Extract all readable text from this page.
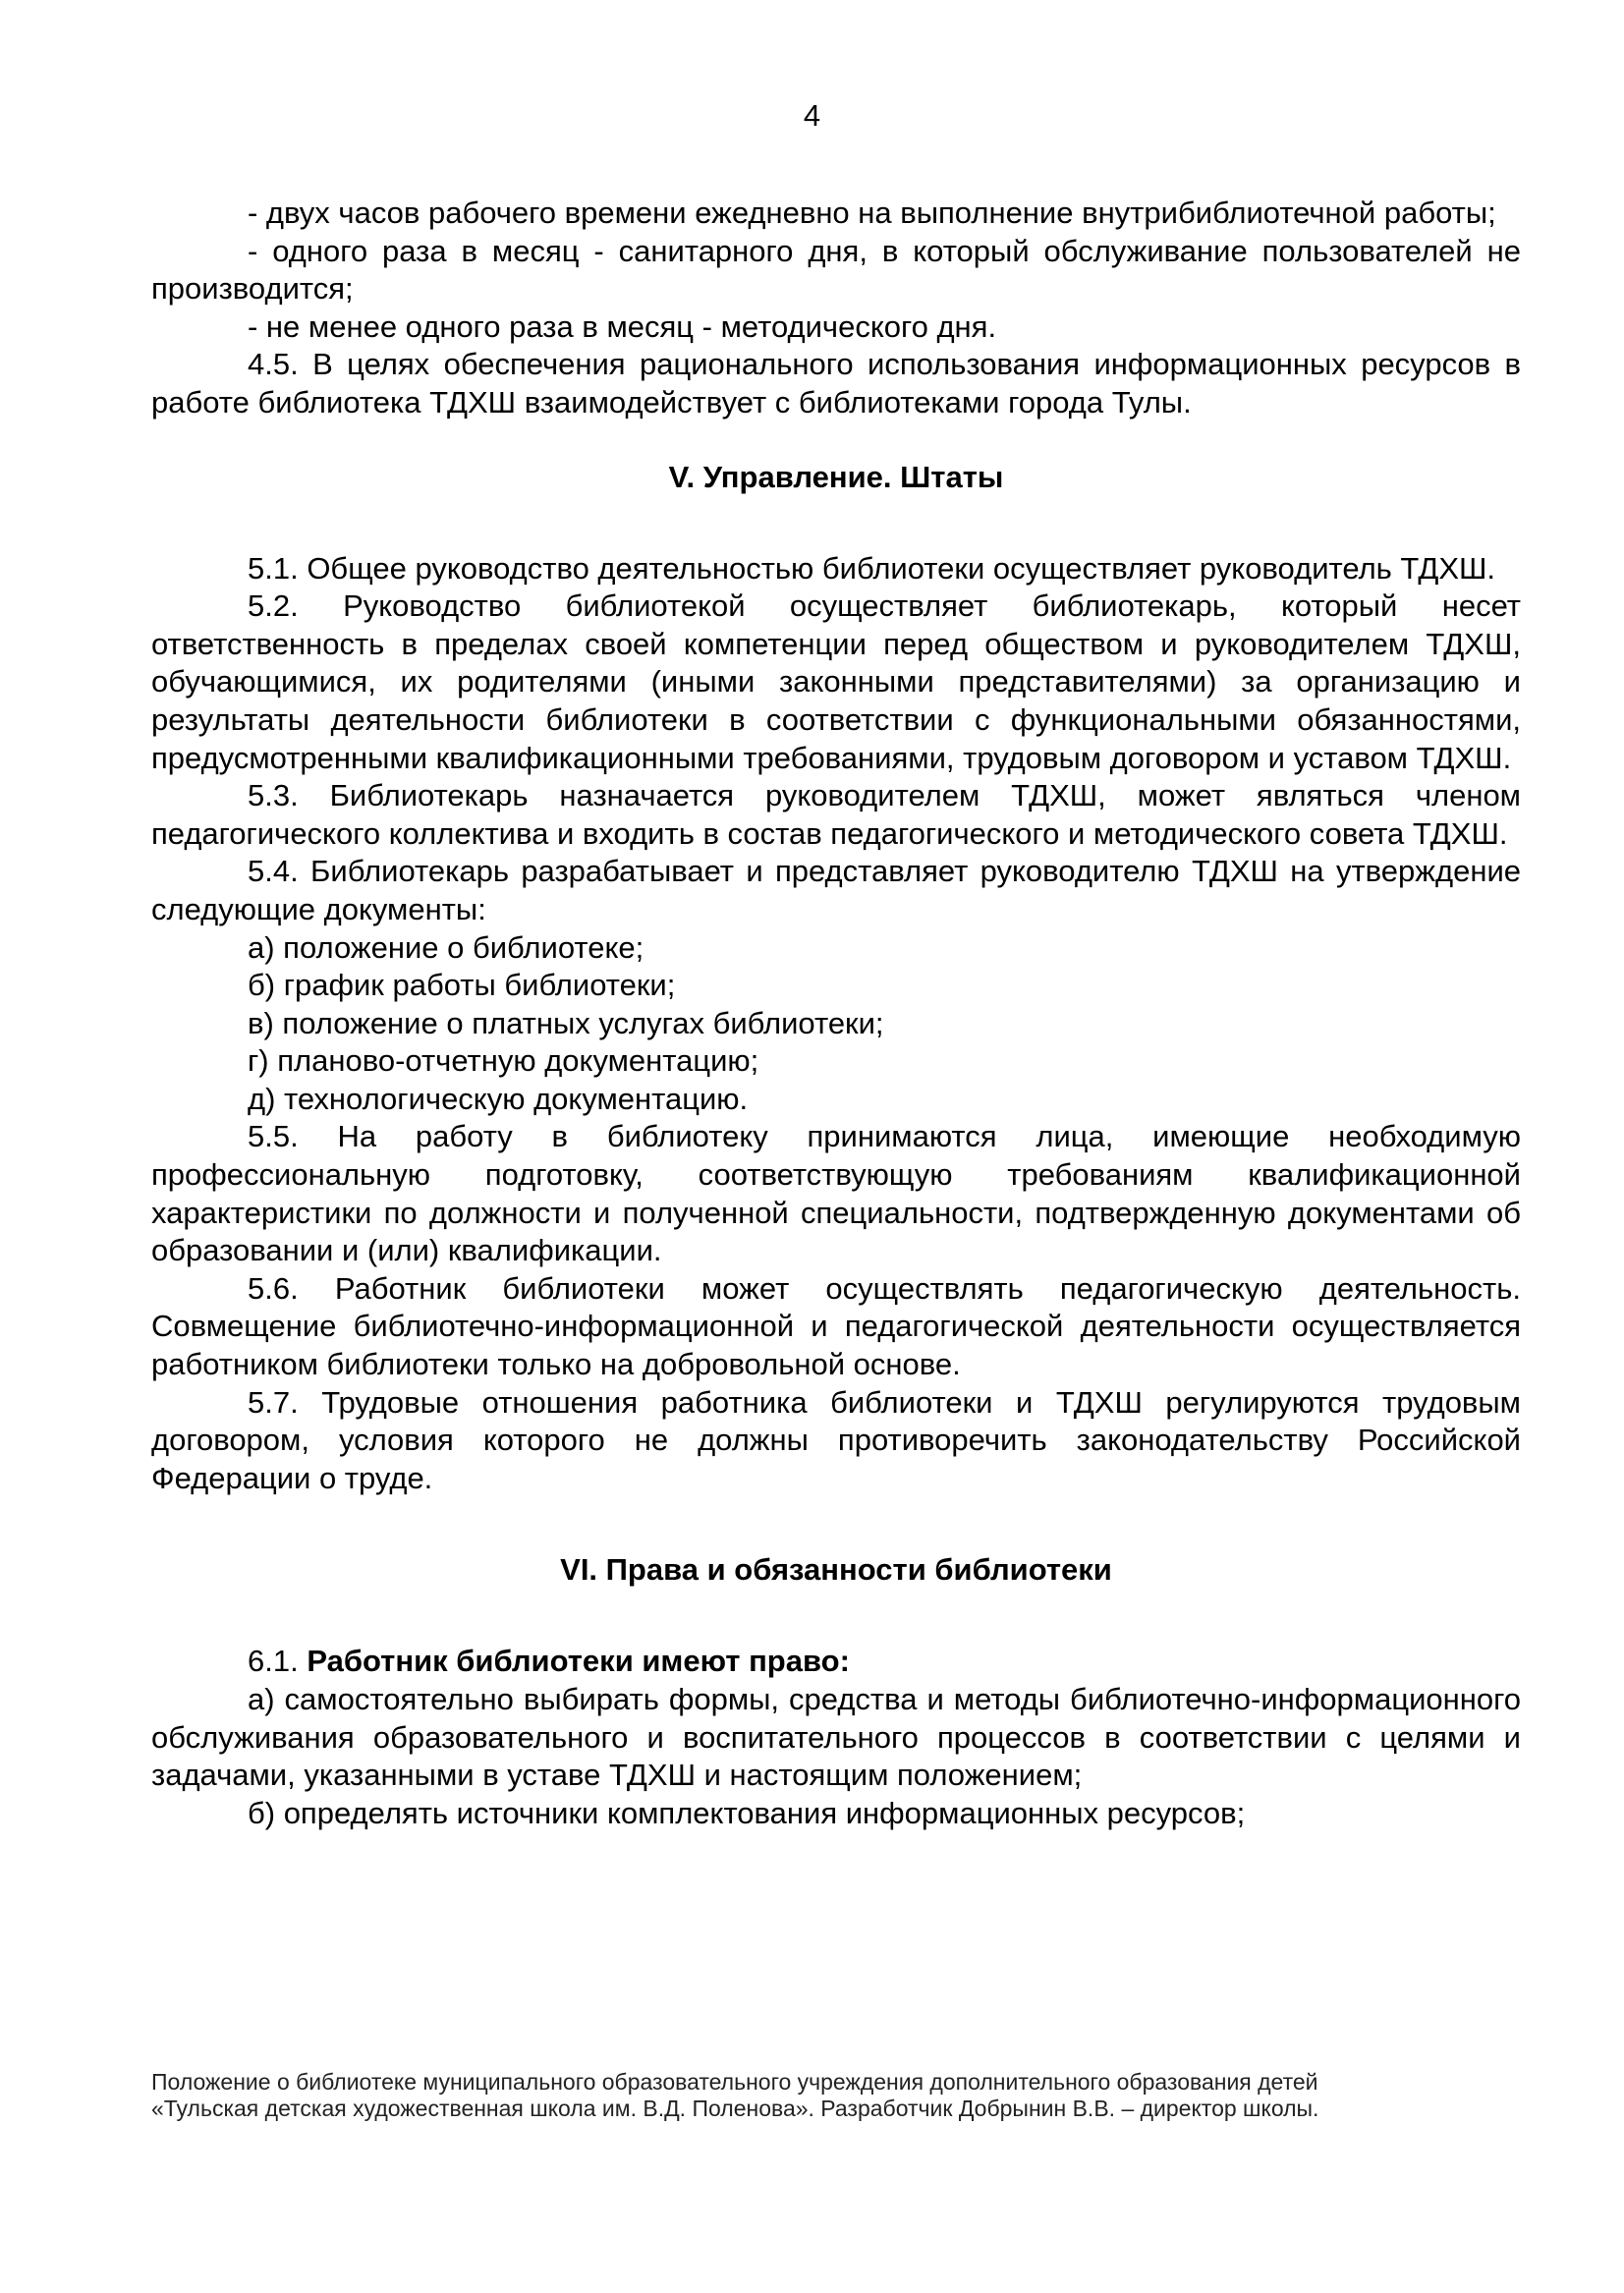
4

- двух часов рабочего времени ежедневно на выполнение внутрибиблиотечной работы;

- одного раза в месяц - санитарного дня, в который обслуживание пользователей не производится;

- не менее одного раза в месяц - методического дня.

4.5. В целях обеспечения рационального использования информационных ресурсов в работе библиотека ТДХШ взаимодействует с библиотеками города Тулы.

V. Управление. Штаты

5.1. Общее руководство деятельностью библиотеки осуществляет руководитель ТДХШ.

5.2. Руководство библиотекой осуществляет библиотекарь, который несет ответственность в пределах своей компетенции перед обществом и руководителем ТДХШ, обучающимися, их родителями (иными законными представителями) за организацию и результаты деятельности библиотеки в соответствии с функциональными обязанностями, предусмотренными квалификационными требованиями, трудовым договором и уставом ТДХШ.

5.3. Библиотекарь назначается руководителем ТДХШ, может являться членом педагогического коллектива и входить в состав педагогического и методического совета ТДХШ.

5.4. Библиотекарь разрабатывает и представляет руководителю ТДХШ на утверждение следующие документы:

а) положение о библиотеке;

б) график работы библиотеки;

в) положение о платных услугах библиотеки;

г) планово-отчетную документацию;

д) технологическую документацию.

5.5. На работу в библиотеку принимаются лица, имеющие необходимую профессиональную подготовку, соответствующую требованиям квалификационной характеристики по должности и полученной специальности, подтвержденную документами об образовании и (или) квалификации.

5.6. Работник библиотеки может осуществлять педагогическую деятельность. Совмещение библиотечно-информационной и педагогической деятельности осуществляется работником библиотеки только на добровольной основе.

5.7. Трудовые отношения работника библиотеки и ТДХШ регулируются трудовым договором, условия которого не должны противоречить законодательству Российской Федерации о труде.

VI. Права и обязанности библиотеки

6.1. Работник библиотеки имеют право:

а) самостоятельно выбирать формы, средства и методы библиотечно-информационного обслуживания образовательного и воспитательного процессов в соответствии с целями и задачами, указанными в уставе ТДХШ и настоящим положением;

б) определять источники комплектования информационных ресурсов;

Положение о библиотеке муниципального образовательного учреждения дополнительного образования детей
«Тульская детская художественная школа им. В.Д. Поленова». Разработчик Добрынин В.В. – директор школы.
